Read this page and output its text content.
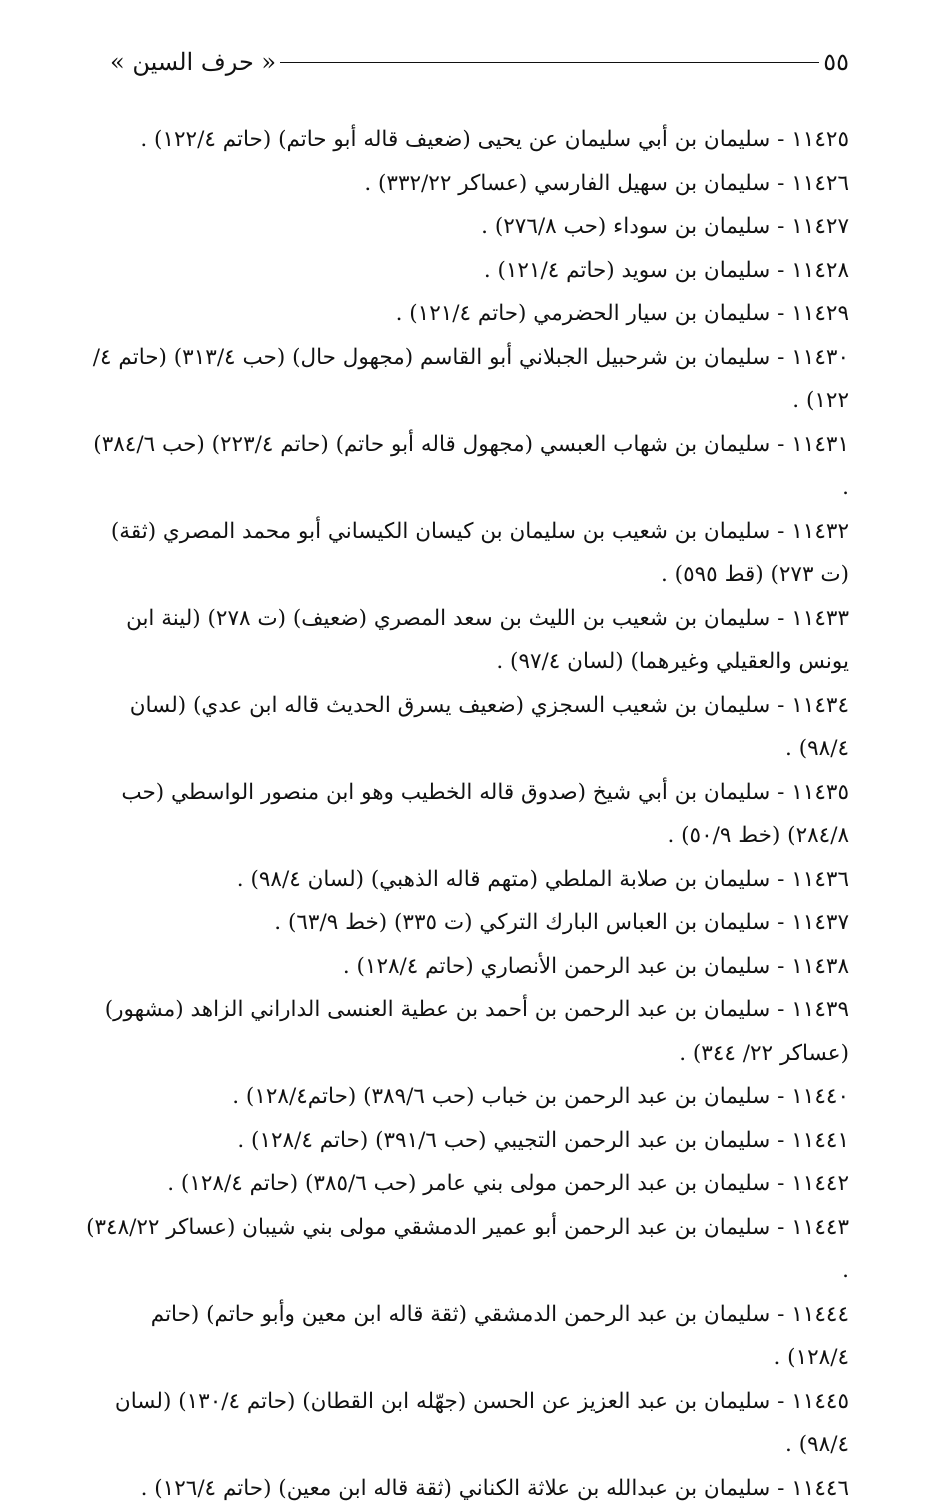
« حرف السين »	٥٥

١١٤٢٥ - سليمان بن أبي سليمان عن يحيى (ضعيف قاله أبو حاتم) (حاتم ١٢٢/٤) .

١١٤٢٦ - سليمان بن سهيل الفارسي (عساكر ٣٣٢/٢٢) .

١١٤٢٧ - سليمان بن سوداء (حب ٢٧٦/٨) .

١١٤٢٨ - سليمان بن سويد (حاتم ١٢١/٤) .

١١٤٢٩ - سليمان بن سيار الحضرمي (حاتم ١٢١/٤) .

١١٤٣٠ - سليمان بن شرحبيل الجبلاني أبو القاسم (مجهول حال) (حب ٣١٣/٤) (حاتم ٤/ ١٢٢) .

١١٤٣١ - سليمان بن شهاب العبسي (مجهول قاله أبو حاتم) (حاتم ٢٢٣/٤) (حب ٣٨٤/٦) .

١١٤٣٢ - سليمان بن شعيب بن سليمان بن كيسان الكيساني أبو محمد المصري (ثقة) (ت ٢٧٣) (قط ٥٩٥) .

١١٤٣٣ - سليمان بن شعيب بن الليث بن سعد المصري (ضعيف) (ت ٢٧٨) (لينة ابن يونس والعقيلي وغيرهما) (لسان ٩٧/٤) .

١١٤٣٤ - سليمان بن شعيب السجزي (ضعيف يسرق الحديث قاله ابن عدي) (لسان ٩٨/٤) .

١١٤٣٥ - سليمان بن أبي شيخ (صدوق قاله الخطيب وهو ابن منصور الواسطي (حب ٢٨٤/٨) (خط ٥٠/٩) .

١١٤٣٦ - سليمان بن صلابة الملطي (متهم قاله الذهبي) (لسان ٩٨/٤) .

١١٤٣٧ - سليمان بن العباس البارك التركي (ت ٣٣٥) (خط ٦٣/٩) .

١١٤٣٨ - سليمان بن عبد الرحمن الأنصاري (حاتم ١٢٨/٤) .

١١٤٣٩ - سليمان بن عبد الرحمن بن أحمد بن عطية العنسى الداراني الزاهد (مشهور) (عساكر ٢٢/ ٣٤٤) .

١١٤٤٠ - سليمان بن عبد الرحمن بن خباب (حب ٣٨٩/٦) (حاتم١٢٨/٤) .

١١٤٤١ - سليمان بن عبد الرحمن التجيبي (حب ٣٩١/٦) (حاتم ١٢٨/٤) .

١١٤٤٢ - سليمان بن عبد الرحمن مولى بني عامر (حب ٣٨٥/٦) (حاتم ١٢٨/٤) .

١١٤٤٣ - سليمان بن عبد الرحمن أبو عمير الدمشقي مولى بني شيبان (عساكر ٣٤٨/٢٢) .

١١٤٤٤ - سليمان بن عبد الرحمن الدمشقي (ثقة قاله ابن معين وأبو حاتم) (حاتم ١٢٨/٤) .

١١٤٤٥ - سليمان بن عبد العزيز عن الحسن (جهّله ابن القطان) (حاتم ١٣٠/٤) (لسان ٩٨/٤) .

١١٤٤٦ - سليمان بن عبدالله بن علاثة الكناني (ثقة قاله ابن معين) (حاتم ١٢٦/٤) .
